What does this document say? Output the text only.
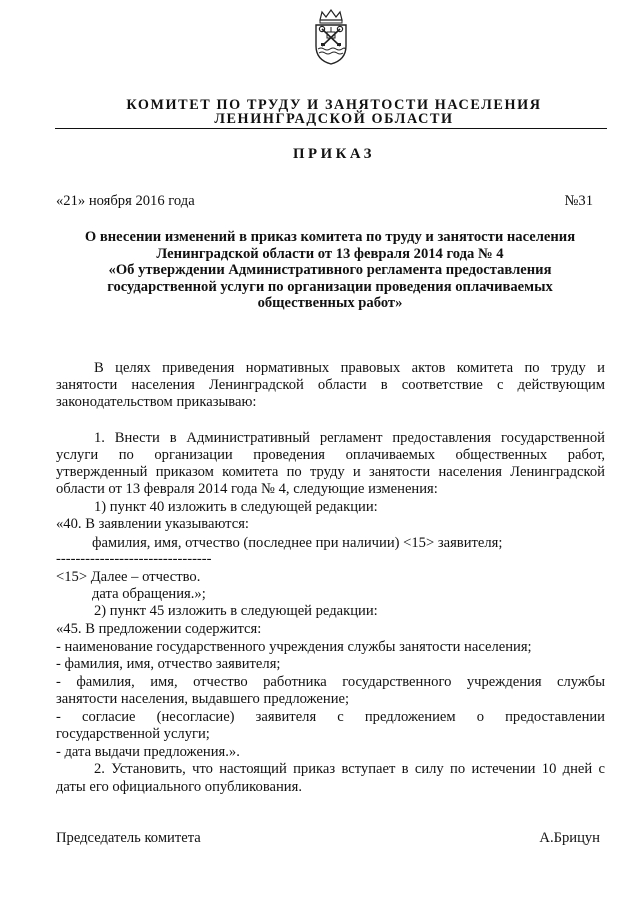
КОМИТЕТ ПО ТРУДУ И ЗАНЯТОСТИ НАСЕЛЕНИЯ
ЛЕНИНГРАДСКОЙ ОБЛАСТИ
ПРИКАЗ
«21» ноября 2016 года	№31
О внесении изменений в приказ комитета по труду и занятости населения
Ленинградской области от 13 февраля 2014 года № 4
«Об утверждении Административного регламента предоставления
государственной услуги по организации проведения оплачиваемых
общественных работ»
В целях приведения нормативных правовых актов комитета по труду и
занятости населения Ленинградской области в соответствие с действующим
законодательством приказываю:
1. Внести в Административный регламент предоставления государственной
услуги по организации проведения оплачиваемых общественных работ,
утвержденный приказом комитета по труду и занятости населения Ленинградской
области от 13 февраля 2014 года № 4, следующие изменения:
1) пункт 40 изложить в следующей редакции:
«40. В заявлении указываются:
фамилия, имя, отчество (последнее при наличии) <15> заявителя;
--------------------------------
<15> Далее – отчество.
дата обращения.»;
2) пункт 45 изложить в следующей редакции:
«45. В предложении содержится:
- наименование государственного учреждения службы занятости населения;
- фамилия, имя, отчество заявителя;
- фамилия, имя, отчество работника государственного учреждения службы
занятости населения, выдавшего предложение;
- согласие (несогласие) заявителя с предложением о предоставлении
государственной услуги;
- дата выдачи предложения.».
2. Установить, что настоящий приказ вступает в силу по истечении 10 дней с
даты его официального опубликования.
Председатель комитета	А.Брицун
